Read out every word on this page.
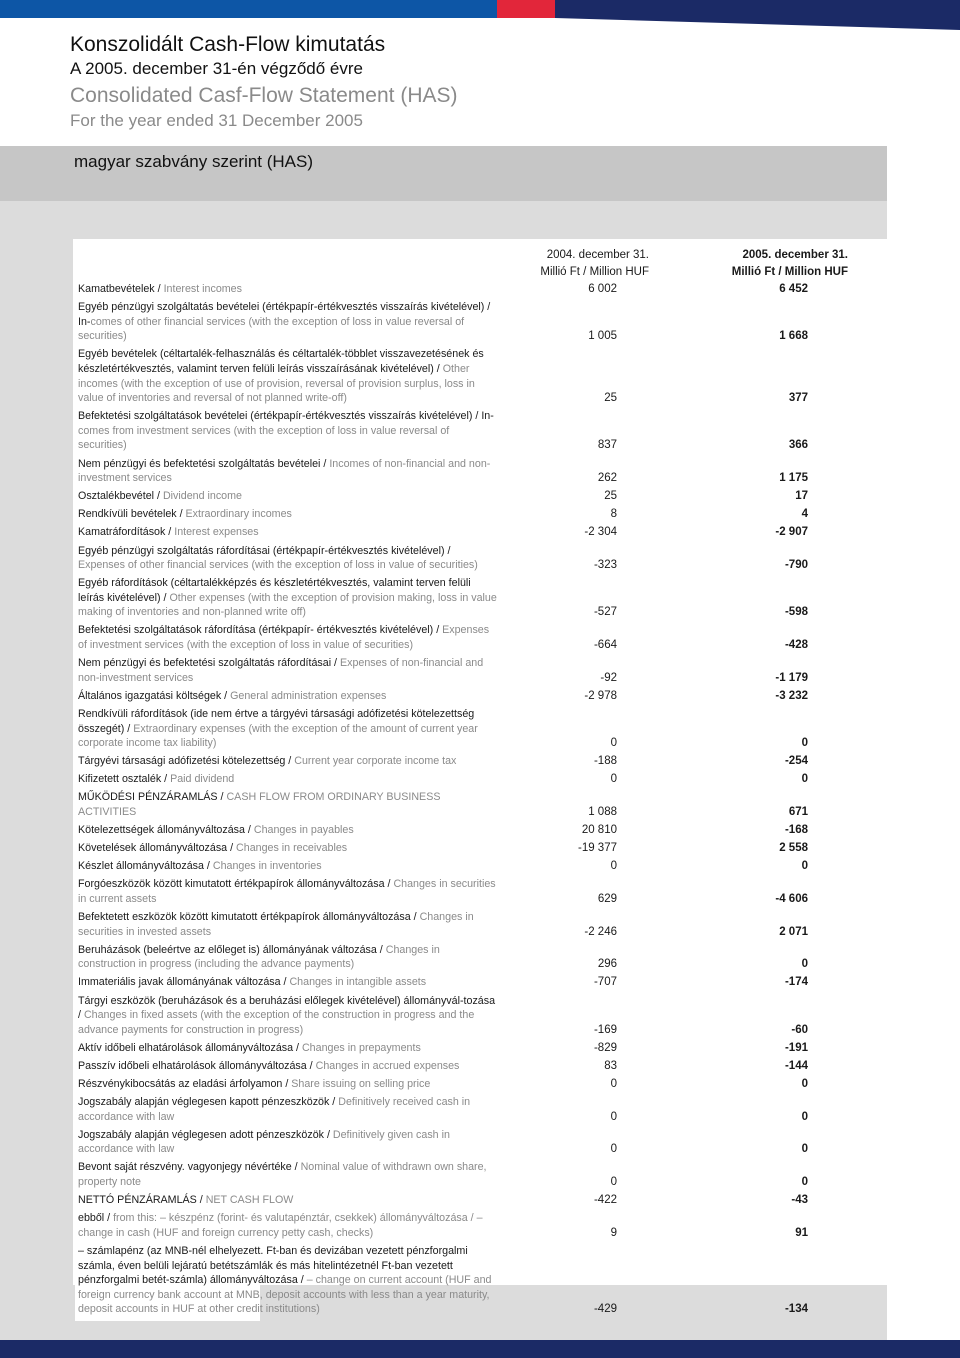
Konszolidált Cash-Flow kimutatás
A 2005. december 31-én végződő évre
Consolidated Casf-Flow Statement (HAS)
For the year ended 31 December 2005
magyar szabvány szerint (HAS)
2004. december 31.
Millió Ft / Million HUF
2005. december 31.
Millió Ft / Million HUF
Kamatbevételek / Interest incomes	6 002	6 452
Egyéb pénzügyi szolgáltatás bevételei (értékpapír-értékvesztés visszaírás kivételével) / In-comes of other financial services (with the exception of loss in value reversal of securities)	1 005	1 668
Egyéb bevételek (céltartalék-felhasználás és céltartalék-többlet visszavezetésének és készletértékvesztés, valamint terven felüli leírás visszaírásának kivételével) / Other incomes (with the exception of use of provision, reversal of provision surplus, loss in value of inventories and reversal of not planned write-off)	25	377
Befektetési szolgáltatások bevételei (értékpapír-értékvesztés visszaírás kivételével) / In-comes from investment services (with the exception of loss in value reversal of securities)	837	366
Nem pénzügyi és befektetési szolgáltatás bevételei / Incomes of non-financial and non-investment services	262	1 175
Osztalékbevétel / Dividend income	25	17
Rendkívüli bevételek / Extraordinary incomes	8	4
Kamatráfordítások / Interest expenses	-2 304	-2 907
Egyéb pénzügyi szolgáltatás ráfordításai (értékpapír-értékvesztés kivételével) / Expenses of other financial services (with the exception of loss in value of securities)	-323	-790
Egyéb ráfordítások (céltartalékképzés és készletértékvesztés, valamint terven felüli leírás kivételével) / Other expenses (with the exception of provision making, loss in value making of inventories and non-planned write off)	-527	-598
Befektetési szolgáltatások ráfordítása (értékpapír- értékvesztés kivételével) / Expenses of investment services (with the exception of loss in value of securities)	-664	-428
Nem pénzügyi és befektetési szolgáltatás ráfordításai / Expenses of non-financial and non-investment services	-92	-1 179
Általános igazgatási költségek / General administration expenses	-2 978	-3 232
Rendkívüli ráfordítások (ide nem értve a tárgyévi társasági adófizetési kötelezettség összegét) / Extraordinary expenses (with the exception of the amount of current year corporate income tax liability)	0	0
Tárgyévi társasági adófizetési kötelezettség / Current year corporate income tax	-188	-254
Kifizetett osztalék / Paid dividend	0	0
MŰKÖDÉSI PÉNZÁRAMLÁS / CASH FLOW FROM ORDINARY BUSINESS ACTIVITIES	1 088	671
Kötelezettségek állományváltozása / Changes in payables	20 810	-168
Követelések állományváltozása / Changes in receivables	-19 377	2 558
Készlet állományváltozása / Changes in inventories	0	0
Forgóeszközök között kimutatott értékpapírok állományváltozása / Changes in securities in current assets	629	-4 606
Befektetett eszközök között kimutatott értékpapírok állományváltozása / Changes in securities in invested assets	-2 246	2 071
Beruházások (beleértve az előleget is) állományának változása / Changes in construction in progress (including the advance payments)	296	0
Immateriális javak állományának változása / Changes in intangible assets	-707	-174
Tárgyi eszközök (beruházások és a beruházási előlegek kivételével) állományvál-tozása / Changes in fixed assets (with the exception of the construction in progress and the advance payments for construction in progress)	-169	-60
Aktív időbeli elhatárolások állományváltozása / Changes in prepayments	-829	-191
Passzív időbeli elhatárolások állományváltozása / Changes in accrued expenses	83	-144
Részvénykibocsátás az eladási árfolyamon / Share issuing on selling price	0	0
Jogszabály alapján véglegesen kapott pénzeszközök / Definitively received cash in accordance with law	0	0
Jogszabály alapján véglegesen adott pénzeszközök / Definitively given cash in accordance with law	0	0
Bevont saját részvény. vagyonjegy névértéke / Nominal value of withdrawn own share, property note	0	0
NETTÓ PÉNZÁRAMLÁS / NET CASH FLOW	-422	-43
ebből / from this: – készpénz (forint- és valutapénztár, csekkek) állományváltozása / – change in cash (HUF and foreign currency petty cash, checks)	9	91
– számlapénz (az MNB-nél elhelyezett. Ft-ban és devizában vezetett pénzforgalmi számla, éven belüli lejáratú betétszámlák és más hitelintézetnél Ft-ban vezetett pénzforgalmi betét-számla) állományváltozása / – change on current account (HUF and foreign currency bank account at MNB, deposit accounts with less than a year maturity, deposit accounts in HUF at other credit institutions)	-429	-134
